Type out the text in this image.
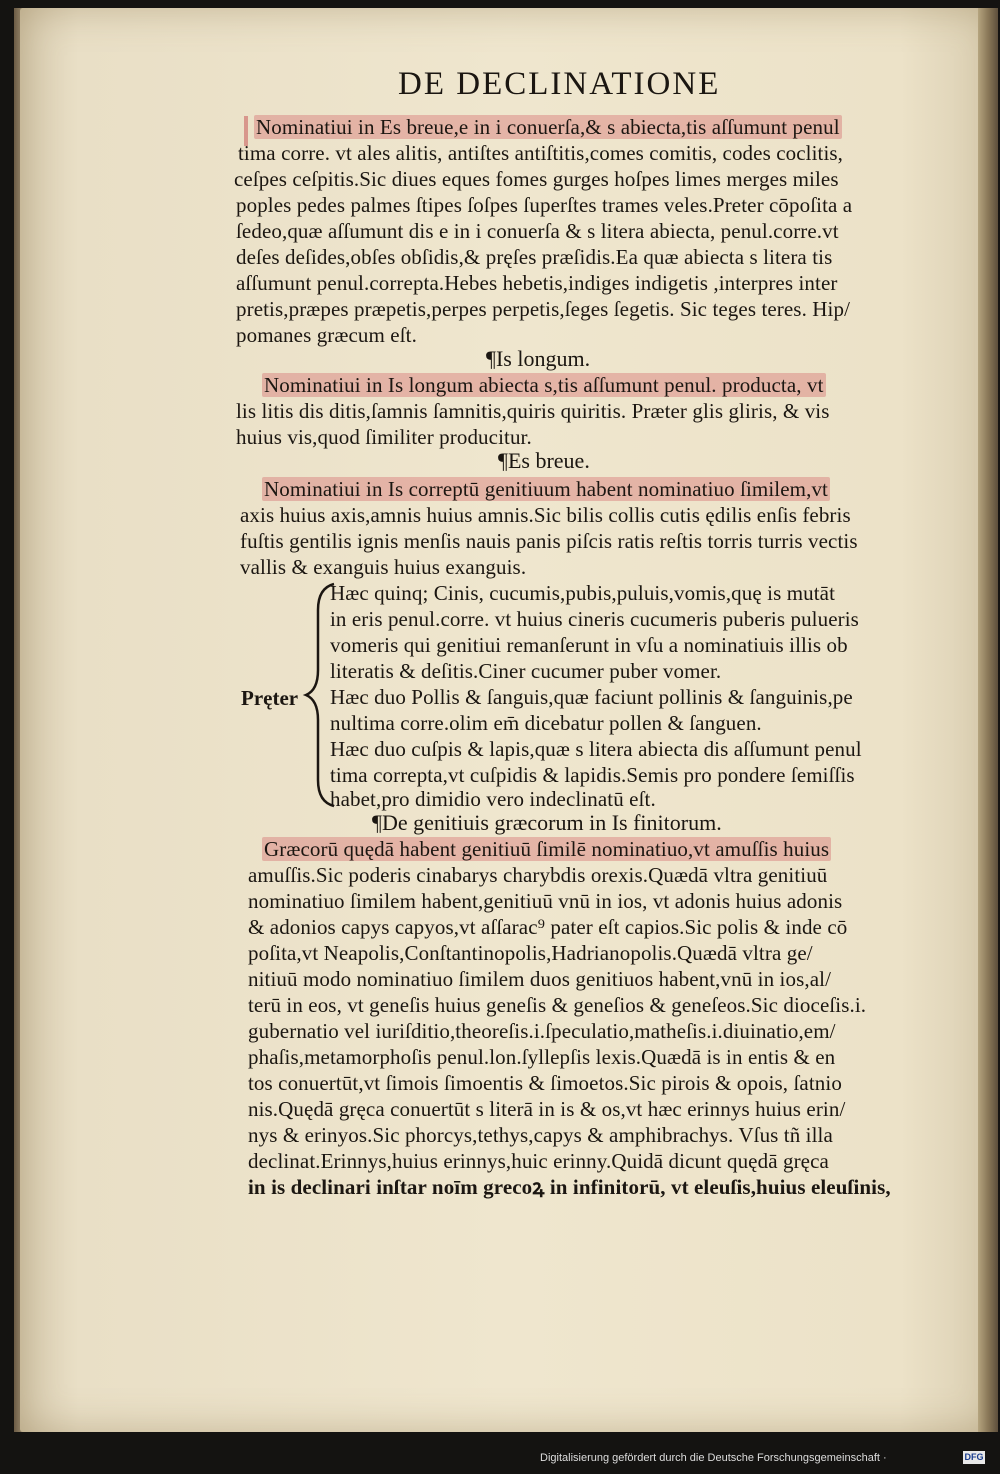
DE DECLINATIONE
Nominatiui in Es breue,e in i conuerſa,& s abiecta,tis aſſumunt penul
tima corre. vt ales alitis, antiſtes antiſtitis,comes comitis, codes coclitis,
ceſpes ceſpitis.Sic diues eques fomes gurges hoſpes limes merges miles
poples pedes palmes ſtipes ſoſpes ſuperſtes trames veles.Preter cōpoſita a
ſedeo,quæ aſſumunt dis e in i conuerſa & s litera abiecta, penul.corre.vt
deſes deſides,obſes obſidis,& pręſes præſidis.Ea quæ abiecta s litera tis
aſſumunt penul.correpta.Hebes hebetis,indiges indigetis ,interpres inter
pretis,præpes præpetis,perpes perpetis,ſeges ſegetis. Sic teges teres. Hip/
pomanes græcum eſt.
¶Is longum.
Nominatiui in Is longum abiecta s,tis aſſumunt penul. producta, vt
lis litis dis ditis,ſamnis ſamnitis,quiris quiritis. Præter glis gliris, & vis
huius vis,quod ſimiliter producitur.
¶Es breue.
Nominatiui in Is correptū genitiuum habent nominatiuo ſimilem,vt
axis huius axis,amnis huius amnis.Sic bilis collis cutis ędilis enſis febris
fuſtis gentilis ignis menſis nauis panis piſcis ratis reſtis torris turris vectis
vallis & exanguis huius exanguis.
Pręter
Hæc quinq; Cinis, cucumis,pubis,puluis,vomis,quę is mutāt
in eris penul.corre. vt huius cineris cucumeris puberis pulueris
vomeris qui genitiui remanſerunt in vſu a nominatiuis illis ob
literatis & deſitis.Ciner cucumer puber vomer.
Hæc duo Pollis & ſanguis,quæ faciunt pollinis & ſanguinis,pe
nultima corre.olim em̄ dicebatur pollen & ſanguen.
Hæc duo cuſpis & lapis,quæ s litera abiecta dis aſſumunt penul
tima correpta,vt cuſpidis & lapidis.Semis pro pondere ſemiſſis
habet,pro dimidio vero indeclinatū eſt.
¶De genitiuis græcorum in Is finitorum.
Græcorū quędā habent genitiuū ſimilē nominatiuo,vt amuſſis huius
amuſſis.Sic poderis cinabarys charybdis orexis.Quædā vltra genitiuū
nominatiuo ſimilem habent,genitiuū vnū in ios, vt adonis huius adonis
& adonios capys capyos,vt aſſarac⁹ pater eſt capios.Sic polis & inde cō
poſita,vt Neapolis,Conſtantinopolis,Hadrianopolis.Quædā vltra ge/
nitiuū modo nominatiuo ſimilem duos genitiuos habent,vnū in ios,al/
terū in eos, vt geneſis huius geneſis & geneſios & geneſeos.Sic dioceſis.i.
gubernatio vel iuriſditio,theoreſis.i.ſpeculatio,matheſis.i.diuinatio,em/
phaſis,metamorphoſis penul.lon.ſyllepſis lexis.Quædā is in entis & en
tos conuertūt,vt ſimois ſimoentis & ſimoetos.Sic pirois & opois, ſatnio
nis.Quędā gręca conuertūt s literā in is & os,vt hæc erinnys huius erin/
nys & erinyos.Sic phorcys,tethys,capys & amphibrachys. Vſus tñ illa
declinat.Erinnys,huius erinnys,huic erinny.Quidā dicunt quędā gręca
in is declinari inſtar noīm grecoꝝ in infinitorū, vt eleuſis,huius eleuſinis,
Digitalisierung gefördert durch die Deutsche Forschungsgemeinschaft ·	DFG
